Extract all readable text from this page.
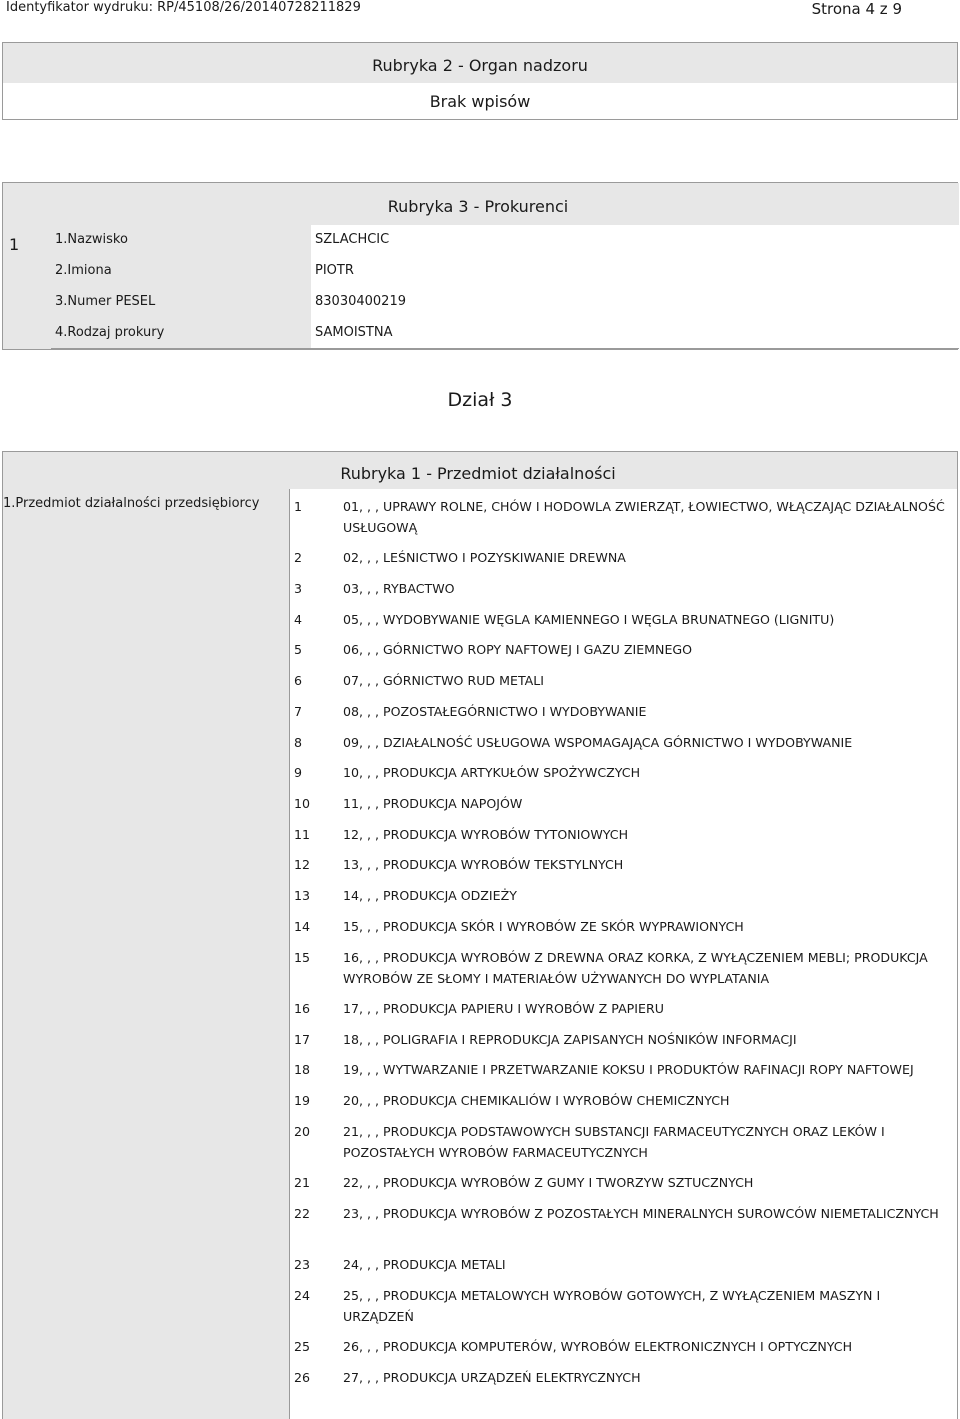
Identyfikator wydruku: RP/45108/26/20140728211829	Strona 4 z 9
Rubryka 2 - Organ nadzoru
Brak wpisów
Rubryka 3 - Prokurenci
1	1.Nazwisko	SZLACHCIC
2.Imiona	PIOTR
3.Numer PESEL	83030400219
4.Rodzaj prokury	SAMOISTNA
Dział 3
Rubryka 1 - Przedmiot działalności
1.Przedmiot działalności przedsiębiorcy	1	01, , , UPRAWY ROLNE, CHÓW I HODOWLA ZWIERZĄT, ŁOWIECTWO, WŁĄCZAJĄC DZIAŁALNOŚĆ USŁUGOWĄ
2	02, , , LEŚNICTWO I POZYSKIWANIE DREWNA
3	03, , , RYBACTWO
4	05, , , WYDOBYWANIE WĘGLA KAMIENNEGO I WĘGLA BRUNATNEGO (LIGNITU)
5	06, , , GÓRNICTWO ROPY NAFTOWEJ I GAZU ZIEMNEGO
6	07, , , GÓRNICTWO RUD METALI
7	08, , , POZOSTAŁEGÓRNICTWO I WYDOBYWANIE
8	09, , , DZIAŁALNOŚĆ USŁUGOWA WSPOMAGAJĄCA GÓRNICTWO I WYDOBYWANIE
9	10, , , PRODUKCJA ARTYKUŁÓW SPOŻYWCZYCH
10	11, , , PRODUKCJA NAPOJÓW
11	12, , , PRODUKCJA WYROBÓW TYTONIOWYCH
12	13, , , PRODUKCJA WYROBÓW TEKSTYLNYCH
13	14, , , PRODUKCJA ODZIEŻY
14	15, , , PRODUKCJA SKÓR I WYROBÓW ZE SKÓR WYPRAWIONYCH
15	16, , , PRODUKCJA WYROBÓW Z DREWNA ORAZ KORKA, Z WYŁĄCZENIEM MEBLI; PRODUKCJA WYROBÓW ZE SŁOMY I MATERIAŁÓW UŻYWANYCH DO WYPLATANIA
16	17, , , PRODUKCJA PAPIERU I WYROBÓW Z PAPIERU
17	18, , , POLIGRAFIA I REPRODUKCJA ZAPISANYCH NOŚNIKÓW INFORMACJI
18	19, , , WYTWARZANIE I PRZETWARZANIE KOKSU I PRODUKTÓW RAFINACJI ROPY NAFTOWEJ
19	20, , , PRODUKCJA CHEMIKALIÓW I WYROBÓW CHEMICZNYCH
20	21, , , PRODUKCJA PODSTAWOWYCH SUBSTANCJI FARMACEUTYCZNYCH ORAZ LEKÓW I POZOSTAŁYCH WYROBÓW FARMACEUTYCZNYCH
21	22, , , PRODUKCJA WYROBÓW Z GUMY I TWORZYW SZTUCZNYCH
22	23, , , PRODUKCJA WYROBÓW Z POZOSTAŁYCH MINERALNYCH SUROWCÓW NIEMETALICZNYCH
23	24, , , PRODUKCJA METALI
24	25, , , PRODUKCJA METALOWYCH WYROBÓW GOTOWYCH, Z WYŁĄCZENIEM MASZYN I URZĄDZEŃ
25	26, , , PRODUKCJA KOMPUTERÓW, WYROBÓW ELEKTRONICZNYCH I OPTYCZNYCH
26	27, , , PRODUKCJA URZĄDZEŃ ELEKTRYCZNYCH
